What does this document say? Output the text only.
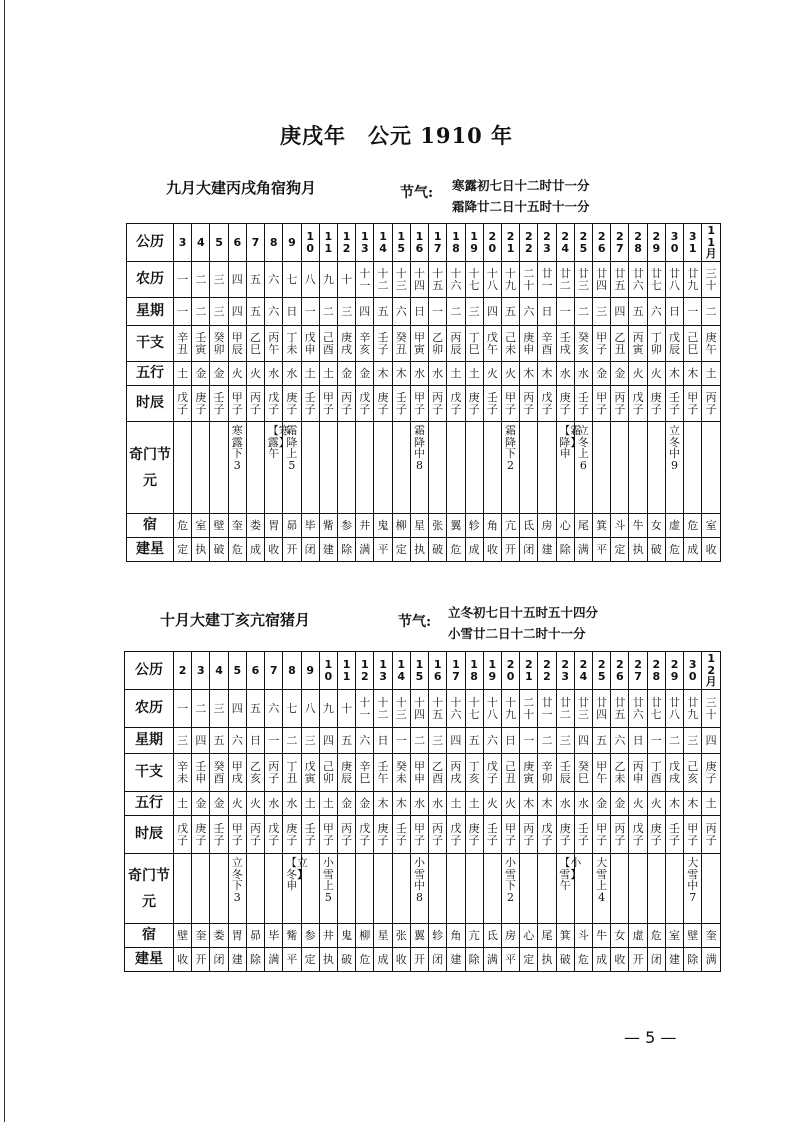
庚戌年　公元 1910 年
九月大建丙戌角宿狗月	节气: 寒露初七日十二时廿一分
霜降廿二日十五时十一分
公历	3	4	5	6	7	8	9	10	11	12	13	14	15	16	17	18	19	20	21	22	23	24	25	26	27	28	29	30	31	11月
农历	一	二	三	四	五	六	七	八	九	十	十一	十二	十三	十四	十五	十六	十七	十八	十九	二十	廿一	廿二	廿三	廿四	廿五	廿六	廿七	廿八	廿九	三十
星期	一	二	三	四	五	六	日	一	二	三	四	五	六	日	一	二	三	四	五	六	日	一	二	三	四	五	六	日	一	二
干支	辛丑	壬寅	癸卯	甲辰	乙巳	丙午	丁未	戊申	己酉	庚戌	辛亥	壬子	癸丑	甲寅	乙卯	丙辰	丁巳	戊午	己未	庚申	辛酉	壬戌	癸亥	甲子	乙丑	丙寅	丁卯	戊辰	己巳	庚午
五行	土	金	金	火	火	水	水	土	土	金	金	木	木	水	水	土	土	火	火	木	木	水	水	金	金	火	火	木	木	土
时辰	戊子	庚子	壬子	甲子	丙子	戊子	庚子	壬子	甲子	丙子	戊子	庚子	壬子	甲子	丙子	戊子	庚子	壬子	甲子	丙子	戊子	庚子	壬子	甲子	丙子	戊子	庚子	壬子	甲子	丙子
奇门节元				寒露下3		【寒露】午	霜降上5							霜降中8					霜降下2			【霜降】申	立冬上6					立冬中9		
宿	危	室	壁	奎	娄	胃	昴	毕	觜	参	井	鬼	柳	星	张	翼	轸	角	亢	氐	房	心	尾	箕	斗	牛	女	虚	危	室
建星	定	执	破	危	成	收	开	闭	建	除	满	平	定	执	破	危	成	收	开	闭	建	除	满	平	定	执	破	危	成	收
十月大建丁亥亢宿猪月	节气:
立冬初七日十五时五十四分
小雪廿二日十二时十一分
公历	2	3	4	5	6	7	8	9	10	11	12	13	14	15	16	17	18	19	20	21	22	23	24	25	26	27	28	29	30	12月
农历	一	二	三	四	五	六	七	八	九	十	十一	十二	十三	十四	十五	十六	十七	十八	十九	二十	廿一	廿二	廿三	廿四	廿五	廿六	廿七	廿八	廿九	三十
星期	三	四	五	六	日	一	二	三	四	五	六	日	一	二	三	四	五	六	日	一	二	三	四	五	六	日	一	二	三	四
干支	辛未	壬申	癸酉	甲戌	乙亥	丙子	丁丑	戊寅	己卯	庚辰	辛巳	壬午	癸未	甲申	乙酉	丙戌	丁亥	戊子	己丑	庚寅	辛卯	壬辰	癸巳	甲午	乙未	丙申	丁酉	戊戌	己亥	庚子
五行	土	金	金	火	火	水	水	土	土	金	金	木	木	水	水	土	土	火	火	木	木	水	水	金	金	火	火	木	木	土
时辰	戊子	庚子	壬子	甲子	丙子	戊子	庚子	壬子	甲子	丙子	戊子	庚子	壬子	甲子	丙子	戊子	庚子	壬子	甲子	丙子	戊子	庚子	壬子	甲子	丙子	戊子	庚子	壬子	甲子	丙子
奇门节元				立冬下3			【立冬】申		小雪上5					小雪中8					小雪下2			【小雪】午		大雪上4					大雪中7	
宿	壁	奎	娄	胃	昴	毕	觜	参	井	鬼	柳	星	张	翼	轸	角	亢	氐	房	心	尾	箕	斗	牛	女	虚	危	室	壁	奎
建星	收	开	闭	建	除	满	平	定	执	破	危	成	收	开	闭	建	除	满	平	定	执	破	危	成	收	开	闭	建	除	满
— 5 —
